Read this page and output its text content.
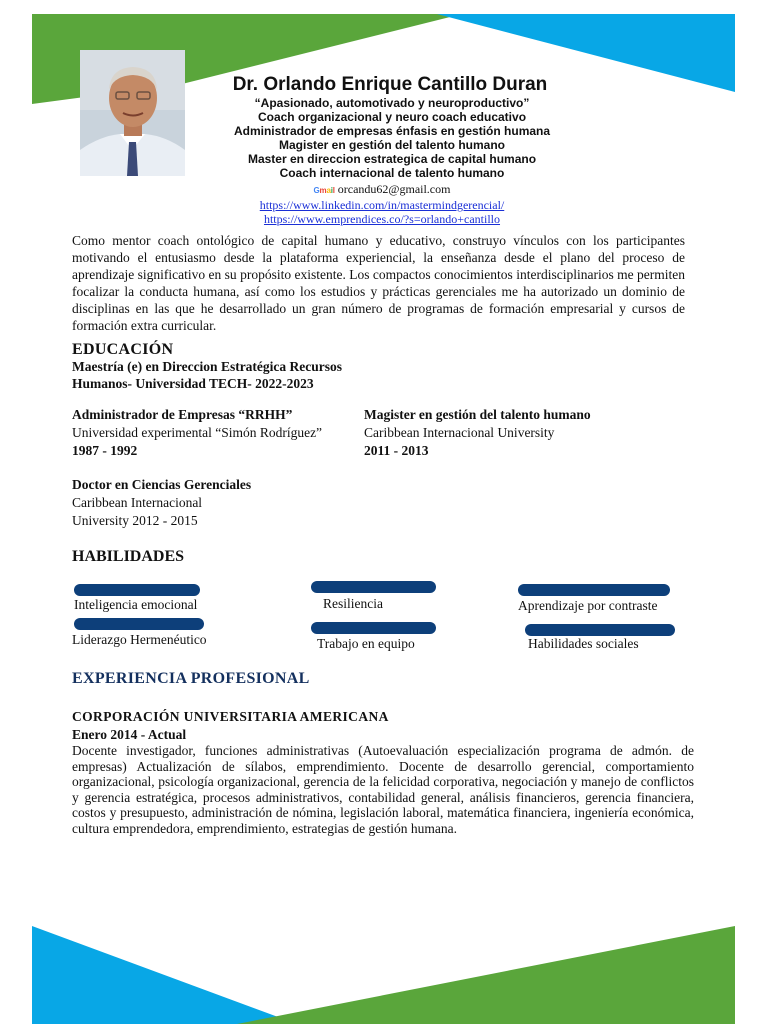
Dr. Orlando Enrique Cantillo Duran
“Apasionado, automotivado y neuroproductivo”
Coach organizacional y neuro coach educativo
Administrador de empresas énfasis en gestión humana
Magister en gestión del talento humano
Master en direccion estrategica de capital humano
Coach internacional de talento humano
Gmail orcandu62@gmail.com
https://www.linkedin.com/in/mastermindgerencial/
https://www.emprendices.co/?s=orlando+cantillo
Como mentor coach ontológico de capital humano y educativo, construyo vínculos con los participantes motivando el entusiasmo desde la plataforma experiencial, la enseñanza desde el plano del proceso de aprendizaje significativo en su propósito existente. Los compactos conocimientos interdisciplinarios me permiten focalizar la conducta humana, así como los estudios y prácticas gerenciales me ha autorizado un dominio de disciplinas en las que he desarrollado un gran número de programas de formación empresarial y cursos de formación extra curricular.
EDUCACIÓN
Maestría (e) en Direccion Estratégica Recursos
Humanos- Universidad TECH- 2022-2023
Administrador de Empresas “RRHH”
Universidad experimental “Simón Rodríguez”
1987 - 1992
Magister en gestión del talento humano
Caribbean Internacional University
2011 - 2013
Doctor en Ciencias Gerenciales
Caribbean Internacional
University 2012 - 2015
HABILIDADES
Inteligencia emocional	Resiliencia	Aprendizaje por contraste
Liderazgo Hermenéutico	Trabajo en equipo	Habilidades sociales
EXPERIENCIA PROFESIONAL
CORPORACIÓN UNIVERSITARIA AMERICANA
Enero 2014 - Actual
Docente investigador, funciones administrativas (Autoevaluación especialización programa de admón. de empresas) Actualización de sílabos, emprendimiento. Docente de desarrollo gerencial, comportamiento organizacional, psicología organizacional, gerencia de la felicidad corporativa, negociación y manejo de conflictos y gerencia estratégica, procesos administrativos, contabilidad general, análisis financieros, gerencia financiera, costos y presupuesto, administración de nómina, legislación laboral, matemática financiera, ingeniería económica, cultura emprendedora, emprendimiento, estrategias de gestión humana.
